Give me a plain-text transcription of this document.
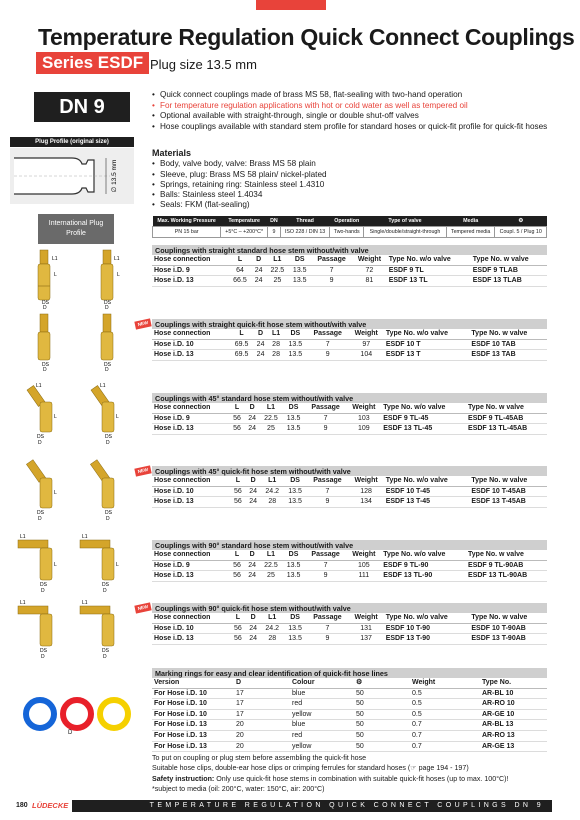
Temperature Regulation Quick Connect Couplings
Series ESDF Plug size 13.5 mm
DN 9
• Quick connect couplings made of brass MS 58, flat-sealing with two-hand operation
• For temperature regulation applications with hot or cold water as well as tempered oil
• Optional available with straight-through, single or double shut-off valves
• Hose couplings available with standard stem profile for standard hoses or quick-fit profile for quick-fit hoses
Plug Profile (original size)
∅ 13.5 mm
Materials
• Body, valve body, valve: Brass MS 58 plain
• Sleeve, plug: Brass MS 58 plain/ nickel-plated
• Springs, retaining ring: Stainless steel 1.4310
• Balls: Stainless steel 1.4034
• Seals: FKM (flat-sealing)
Max. Working Pressure	Temperature	DN	Thread	Operation	Type of valve	Media	⚙
PN 15 bar	+5°C – +200°C*	9	ISO 228 / DIN 13	Two-hands	Single/double/straight-through	Tempered media	Coupl. 5 / Plug 10
International Plug Profile
L1
L
DS
D
L1
L
DS
D
DS
D
DS
D
L1
L
DS
D
L1
L
DS
D
L
DS
D
DS
D
L1	L1
L	L
DS
D
DS
D
L1	L1
DS
D
DS
D
Couplings with straight standard hose stem without/with valve
Hose connection	L	D	L1	DS	Passage	Weight	Type No. w/o valve	Type No. w valve
Hose i.D. 9	64	24	22.5	13.5	7	72	ESDF 9 TL	ESDF 9 TLAB
Hose i.D. 13	66.5	24	25	13.5	9	81	ESDF 13 TL	ESDF 13 TLAB
NEW Couplings with straight quick-fit hose stem without/with valve
Hose connection	L	D	L1	DS	Passage	Weight	Type No. w/o valve	Type No. w valve
Hose i.D. 10	69.5	24	28	13.5	7	97	ESDF 10 T	ESDF 10 TAB
Hose i.D. 13	69.5	24	28	13.5	9	104	ESDF 13 T	ESDF 13 TAB
Couplings with 45° standard hose stem without/with valve
Hose connection	L	D	L1	DS	Passage	Weight	Type No. w/o valve	Type No. w valve
Hose i.D. 9	56	24	22.5	13.5	7	103	ESDF 9 TL-45	ESDF 9 TL-45AB
Hose i.D. 13	56	24	25	13.5	9	109	ESDF 13 TL-45	ESDF 13 TL-45AB
NEW Couplings with 45° quick-fit hose stem without/with valve
Hose connection	L	D	L1	DS	Passage	Weight	Type No. w/o valve	Type No. w valve
Hose i.D. 10	56	24	24.2	13.5	7	128	ESDF 10 T-45	ESDF 10 T-45AB
Hose i.D. 13	56	24	28	13.5	9	134	ESDF 13 T-45	ESDF 13 T-45AB
Couplings with 90° standard hose stem without/with valve
Hose connection	L	D	L1	DS	Passage	Weight	Type No. w/o valve	Type No. w valve
Hose i.D. 9	56	24	22.5	13.5	7	105	ESDF 9 TL-90	ESDF 9 TL-90AB
Hose i.D. 13	56	24	25	13.5	9	111	ESDF 13 TL-90	ESDF 13 TL-90AB
NEW Couplings with 90° quick-fit hose stem without/with valve
Hose connection	L	D	L1	DS	Passage	Weight	Type No. w/o valve	Type No. w valve
Hose i.D. 10	56	24	24.2	13.5	7	131	ESDF 10 T-90	ESDF 10 T-90AB
Hose i.D. 13	56	24	28	13.5	9	137	ESDF 13 T-90	ESDF 13 T-90AB
Marking rings for easy and clear identification of quick-fit hose lines
Version	D	Colour	⚙	Weight	Type No.
For Hose i.D. 10	17	blue	50	0.5	AR-BL 10
For Hose i.D. 10	17	red	50	0.5	AR-RO 10
For Hose i.D. 10	17	yellow	50	0.5	AR-GE 10
For Hose i.D. 13	20	blue	50	0.7	AR-BL 13
For Hose i.D. 13	20	red	50	0.7	AR-RO 13
For Hose i.D. 13	20	yellow	50	0.7	AR-GE 13
D
To put on coupling or plug stem before assembling the quick-fit hose
Suitable hose clips, double-ear hose clips or crimping ferrules for standard hoses (☞ page 194 - 197)
Safety instruction: Only use quick-fit hose stems in combination with suitable quick-fit hoses (up to max. 100°C)!
*subject to media (oil: 200°C, water: 150°C, air: 200°C)
180 LÜDECKE	TEMPERATURE REGULATION QUICK CONNECT COUPLINGS DN 9
